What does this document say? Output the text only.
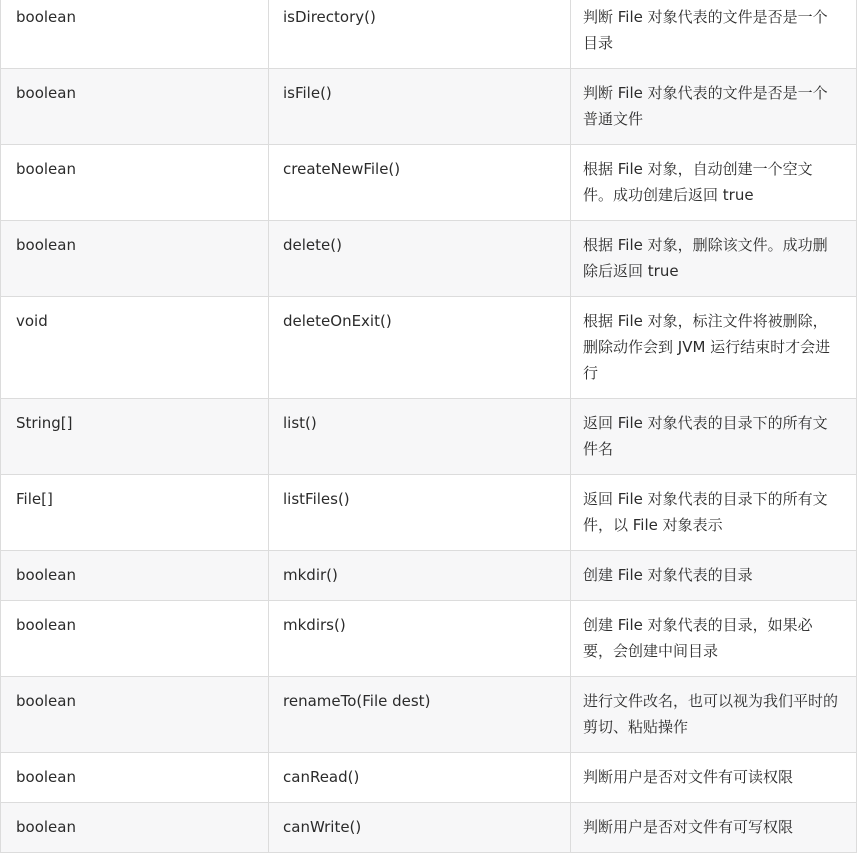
boolean	isDirectory()	判断 File 对象代表的文件是否是一个目录
boolean	isFile()	判断 File 对象代表的文件是否是一个普通文件
boolean	createNewFile()	根据 File 对象，自动创建一个空文件。成功创建后返回 true
boolean	delete()	根据 File 对象，删除该文件。成功删除后返回 true
void	deleteOnExit()	根据 File 对象，标注文件将被删除，删除动作会到 JVM 运行结束时才会进行
String[]	list()	返回 File 对象代表的目录下的所有文件名
File[]	listFiles()	返回 File 对象代表的目录下的所有文件，以 File 对象表示
boolean	mkdir()	创建 File 对象代表的目录
boolean	mkdirs()	创建 File 对象代表的目录，如果必要，会创建中间目录
boolean	renameTo(File dest)	进行文件改名，也可以视为我们平时的剪切、粘贴操作
boolean	canRead()	判断用户是否对文件有可读权限
boolean	canWrite()	判断用户是否对文件有可写权限
